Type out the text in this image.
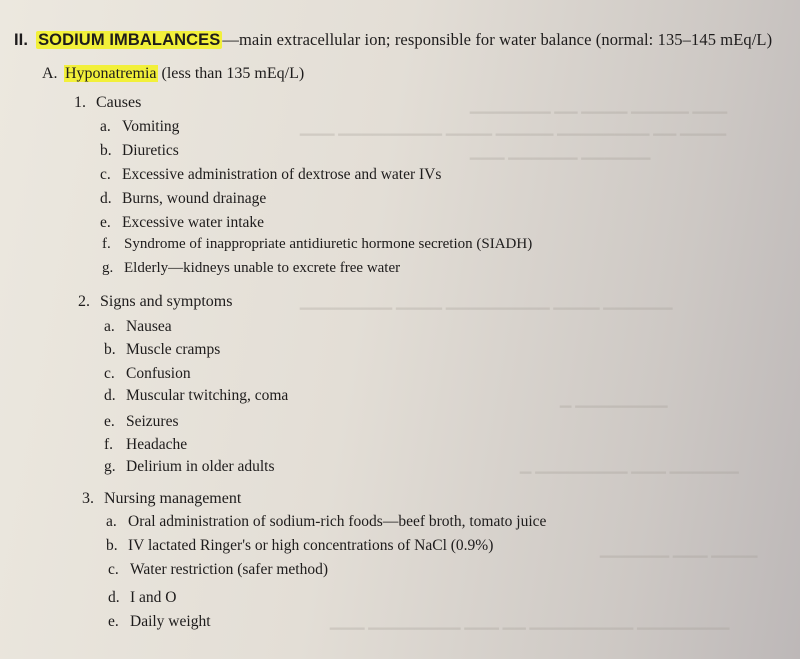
▁▁▁ ▁▁▁▁▁ ▁▁▁▁ ▁▁ ▁▁▁▁▁▁▁
▁▁▁▁ ▁▁ ▁▁▁▁▁▁▁▁ ▁▁▁▁▁ ▁▁▁▁ ▁▁▁▁▁▁▁▁▁ ▁▁▁
▁▁▁▁▁▁ ▁▁▁▁▁▁ ▁▁▁
▁▁▁▁▁▁ ▁▁▁▁ ▁▁▁▁▁▁▁▁▁ ▁▁▁▁ ▁▁▁▁▁▁▁▁
▁▁▁▁▁▁▁▁ ▁
▁▁▁▁▁▁ ▁▁▁ ▁▁▁▁▁▁▁▁ ▁
▁▁▁▁ ▁▁▁ ▁▁▁▁▁▁
▁▁▁▁▁▁▁▁ ▁▁▁▁▁▁▁▁▁ ▁▁ ▁▁▁ ▁▁▁▁▁▁▁▁ ▁▁▁
II. SODIUM IMBALANCES —main extracellular ion; responsible for water balance (normal: 135–145 mEq/L)
A. Hyponatremia (less than 135 mEq/L)
1. Causes
a. Vomiting
b. Diuretics
c. Excessive administration of dextrose and water IVs
d. Burns, wound drainage
e. Excessive water intake
f. Syndrome of inappropriate antidiuretic hormone secretion (SIADH)
g. Elderly—kidneys unable to excrete free water
2. Signs and symptoms
a. Nausea
b. Muscle cramps
c. Confusion
d. Muscular twitching, coma
e. Seizures
f. Headache
g. Delirium in older adults
3. Nursing management
a. Oral administration of sodium-rich foods—beef broth, tomato juice
b. IV lactated Ringer's or high concentrations of NaCl (0.9%)
c. Water restriction (safer method)
d. I and O
e. Daily weight
